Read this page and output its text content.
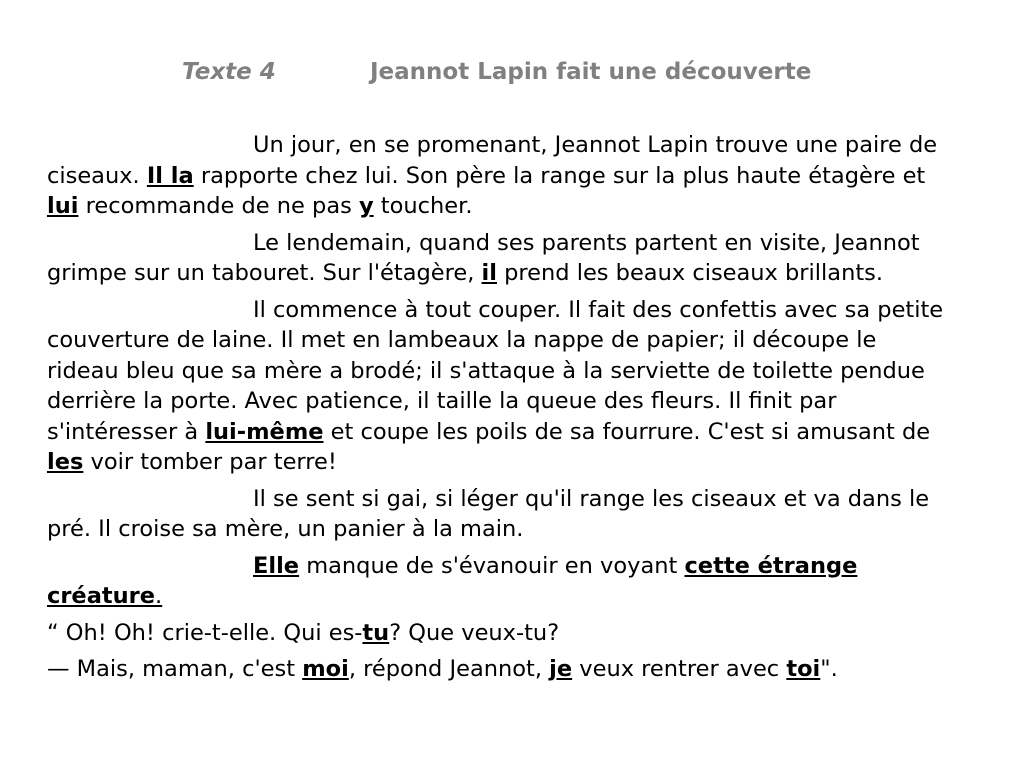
Texte 4	Jeannot Lapin fait une découverte

Un jour, en se promenant, Jeannot Lapin trouve une paire de ciseaux. Il la rapporte chez lui. Son père la range sur la plus haute étagère et lui recommande de ne pas y toucher.

Le lendemain, quand ses parents partent en visite, Jeannot grimpe sur un tabouret. Sur l'étagère, il prend les beaux ciseaux brillants.

Il commence à tout couper. Il fait des confettis avec sa petite couverture de laine. Il met en lambeaux la nappe de papier; il découpe le rideau bleu que sa mère a brodé; il s'attaque à la serviette de toilette pendue derrière la porte. Avec patience, il taille la queue des fleurs. Il finit par s'intéresser à lui-même et coupe les poils de sa fourrure. C'est si amusant de les voir tomber par terre!

Il se sent si gai, si léger qu'il range les ciseaux et va dans le pré. Il croise sa mère, un panier à la main.

Elle manque de s'évanouir en voyant cette étrange créature.

“ Oh! Oh! crie-t-elle. Qui es-tu? Que veux-tu?

— Mais, maman, c'est moi, répond Jeannot, je veux rentrer avec toi".
